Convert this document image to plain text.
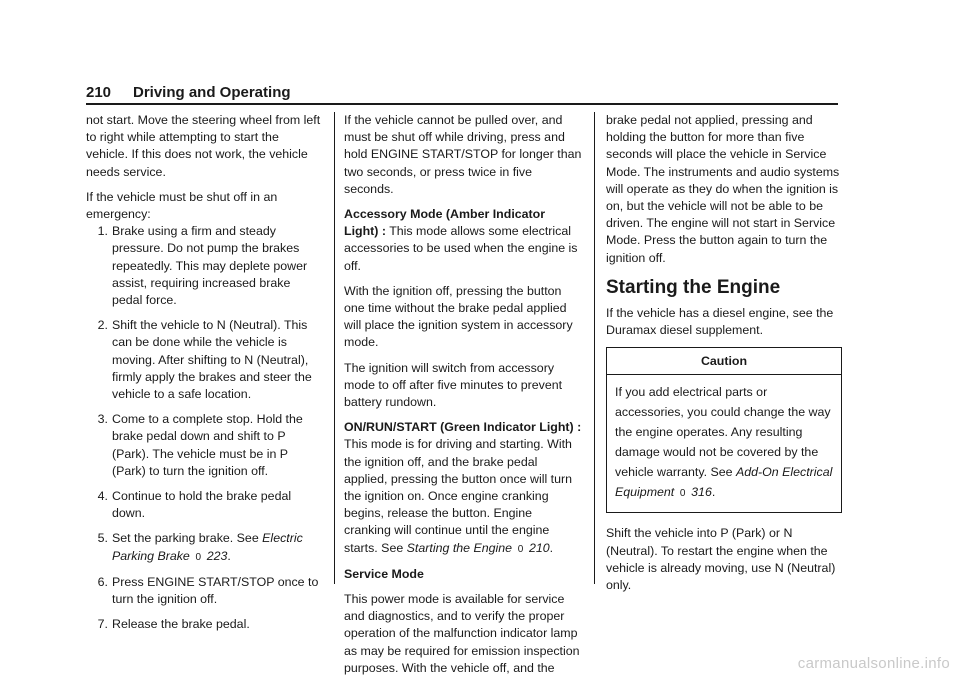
210 Driving and Operating

not start. Move the steering wheel from left to right while attempting to start the vehicle. If this does not work, the vehicle needs service.

If the vehicle must be shut off in an emergency:

1. Brake using a firm and steady pressure. Do not pump the brakes repeatedly. This may deplete power assist, requiring increased brake pedal force.
2. Shift the vehicle to N (Neutral). This can be done while the vehicle is moving. After shifting to N (Neutral), firmly apply the brakes and steer the vehicle to a safe location.
3. Come to a complete stop. Hold the brake pedal down and shift to P (Park). The vehicle must be in P (Park) to turn the ignition off.
4. Continue to hold the brake pedal down.
5. Set the parking brake. See Electric Parking Brake 0 223.
6. Press ENGINE START/STOP once to turn the ignition off.
7. Release the brake pedal.

If the vehicle cannot be pulled over, and must be shut off while driving, press and hold ENGINE START/STOP for longer than two seconds, or press twice in five seconds.

Accessory Mode (Amber Indicator Light) : This mode allows some electrical accessories to be used when the engine is off.

With the ignition off, pressing the button one time without the brake pedal applied will place the ignition system in accessory mode.

The ignition will switch from accessory mode to off after five minutes to prevent battery rundown.

ON/RUN/START (Green Indicator Light) : This mode is for driving and starting. With the ignition off, and the brake pedal applied, pressing the button once will turn the ignition on. Once engine cranking begins, release the button. Engine cranking will continue until the engine starts. See Starting the Engine 0 210.

Service Mode

This power mode is available for service and diagnostics, and to verify the proper operation of the malfunction indicator lamp as may be required for emission inspection purposes. With the vehicle off, and the

brake pedal not applied, pressing and holding the button for more than five seconds will place the vehicle in Service Mode. The instruments and audio systems will operate as they do when the ignition is on, but the vehicle will not be able to be driven. The engine will not start in Service Mode. Press the button again to turn the ignition off.

Starting the Engine

If the vehicle has a diesel engine, see the Duramax diesel supplement.

Caution
If you add electrical parts or accessories, you could change the way the engine operates. Any resulting damage would not be covered by the vehicle warranty. See Add-On Electrical Equipment 0 316.

Shift the vehicle into P (Park) or N (Neutral). To restart the engine when the vehicle is already moving, use N (Neutral) only.

carmanualsonline.info
